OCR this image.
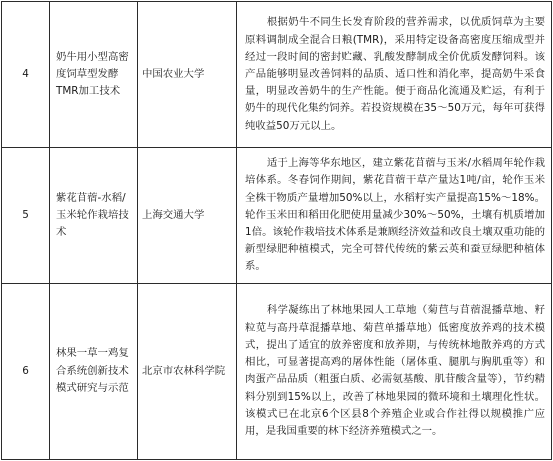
4	奶牛用小型高密度饲草型发酵TMR加工技术	中国农业大学	根据奶牛不同生长发育阶段的营养需求，以优质饲草为主要原料调制成全混合日粮(TMR)，采用特定设备高密度压缩成型并经过一段时间的密封贮藏、乳酸发酵制成全价优质发酵饲料。该产品能够明显改善饲料的品质、适口性和消化率，提高奶牛采食量，明显改善奶牛的生产性能。便于商品化流通及贮运，有利于奶牛的现代化集约饲养。若投资规模在35～50万元，每年可获得纯收益50万元以上。

5	紫花苜蓿-水稻/玉米轮作栽培技术	上海交通大学	适于上海等华东地区，建立紫花苜蓿与玉米/水稻周年轮作栽培体系。冬春饲作期间，紫花苜蓿干草产量达1吨/亩，轮作玉米全株干物质产量增加50%以上，水稻籽实产量提高15%～18%。轮作玉米田和稻田化肥使用量减少30%～50%，土壤有机质增加1倍。该轮作栽培技术体系是兼顾经济效益和改良土壤双重功能的新型绿肥种植模式，完全可替代传统的紫云英和蚕豆绿肥种植体系。

6	林果一草一鸡复合系统创新技术模式研究与示范	北京市农林科学院	科学凝练出了林地果园人工草地（菊苣与苜蓿混播草地、籽粒苋与高丹草混播草地、菊苣单播草地）低密度放养鸡的技术模式，提出了适宜的放养密度和放养期，与传统林地散养鸡的方式相比，可显著提高鸡的屠体性能（屠体重、腿肌与胸肌重等）和肉蛋产品品质（粗蛋白质、必需氨基酸、肌苷酸含量等），节约精料分别到15%以上，改善了林地果园的微环境和土壤理化性状。该模式已在北京6个区县8个养殖企业或合作社得以规模推广应用，是我国重要的林下经济养殖模式之一。
